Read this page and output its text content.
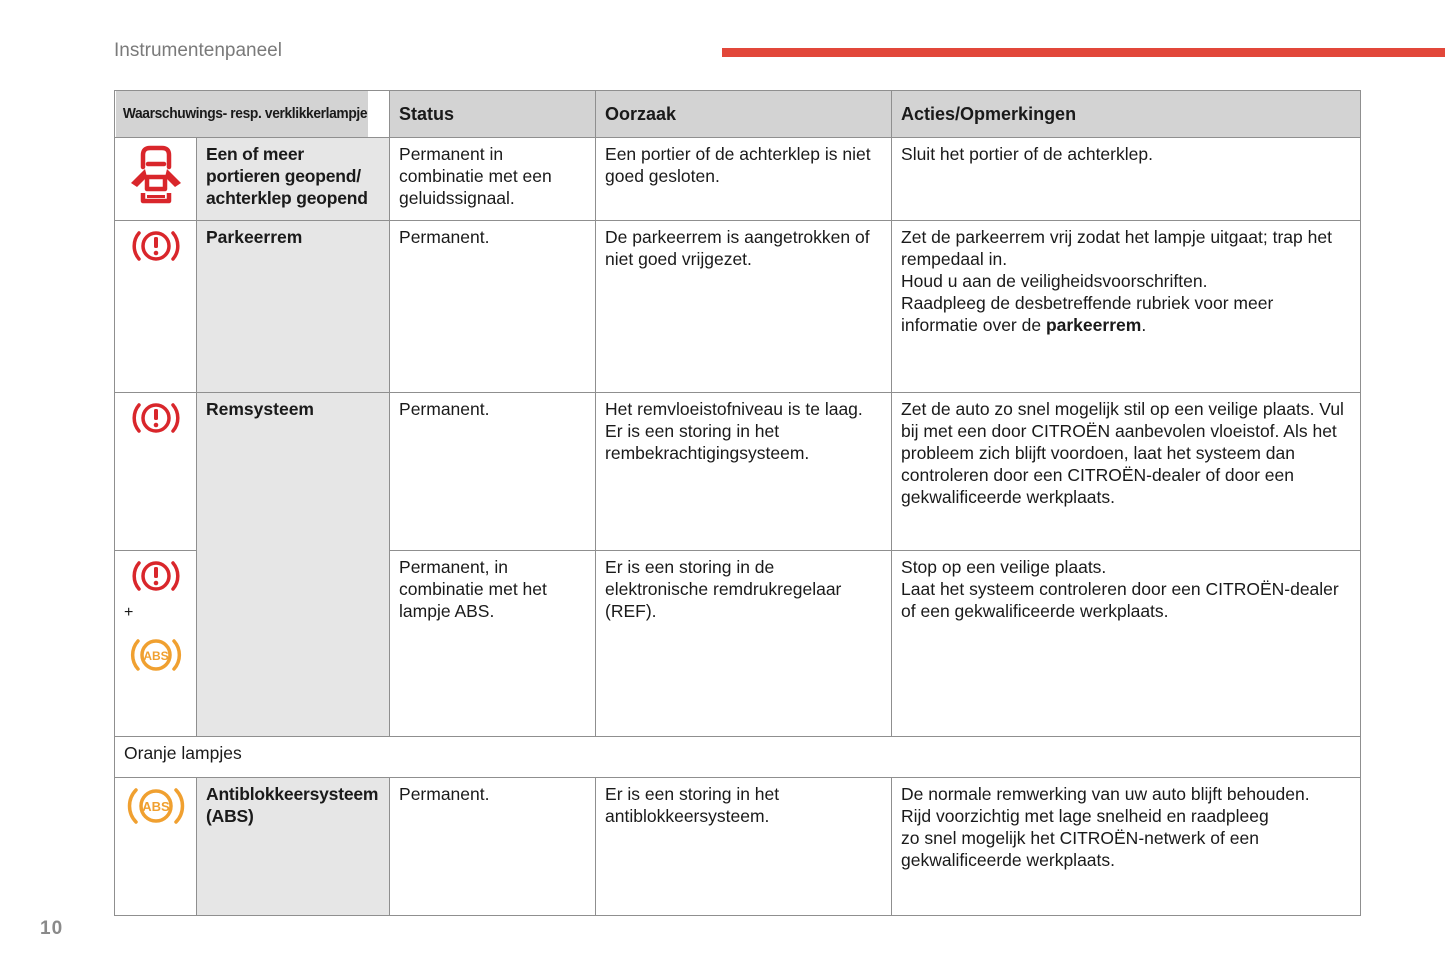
Instrumentenpaneel
Waarschuwings- resp. verklikkerlampje		Status	Oorzaak	Acties/Opmerkingen

	Een of meer portieren geopend/ achterklep geopend	Permanent in combinatie met een geluidssignaal.	Een portier of de achterklep is niet goed gesloten.	Sluit het portier of de achterklep.

	Parkeerrem	Permanent.	De parkeerrem is aangetrokken of niet goed vrijgezet.	Zet de parkeerrem vrij zodat het lampje uitgaat; trap het rempedaal in.
Houd u aan de veiligheidsvoorschriften.
Raadpleeg de desbetreffende rubriek voor meer informatie over de parkeerrem.

	Remsysteem	Permanent.	Het remvloeistofniveau is te laag.
Er is een storing in het rembekrachtigingsysteem.	Zet de auto zo snel mogelijk stil op een veilige plaats. Vul bij met een door CITROËN aanbevolen vloeistof. Als het probleem zich blijft voordoen, laat het systeem dan controleren door een CITROËN-dealer of door een gekwalificeerde werkplaats.

+
ABS		Permanent, in combinatie met het lampje ABS.	Er is een storing in de elektronische remdrukregelaar (REF).	Stop op een veilige plaats.
Laat het systeem controleren door een CITROËN-dealer of een gekwalificeerde werkplaats.
Oranje lampjes				

ABS	Antiblokkeersysteem (ABS)	Permanent.	Er is een storing in het antiblokkeersysteem.	De normale remwerking van uw auto blijft behouden.
Rijd voorzichtig met lage snelheid en raadpleeg
zo snel mogelijk het CITROËN-netwerk of een gekwalificeerde werkplaats.
10
